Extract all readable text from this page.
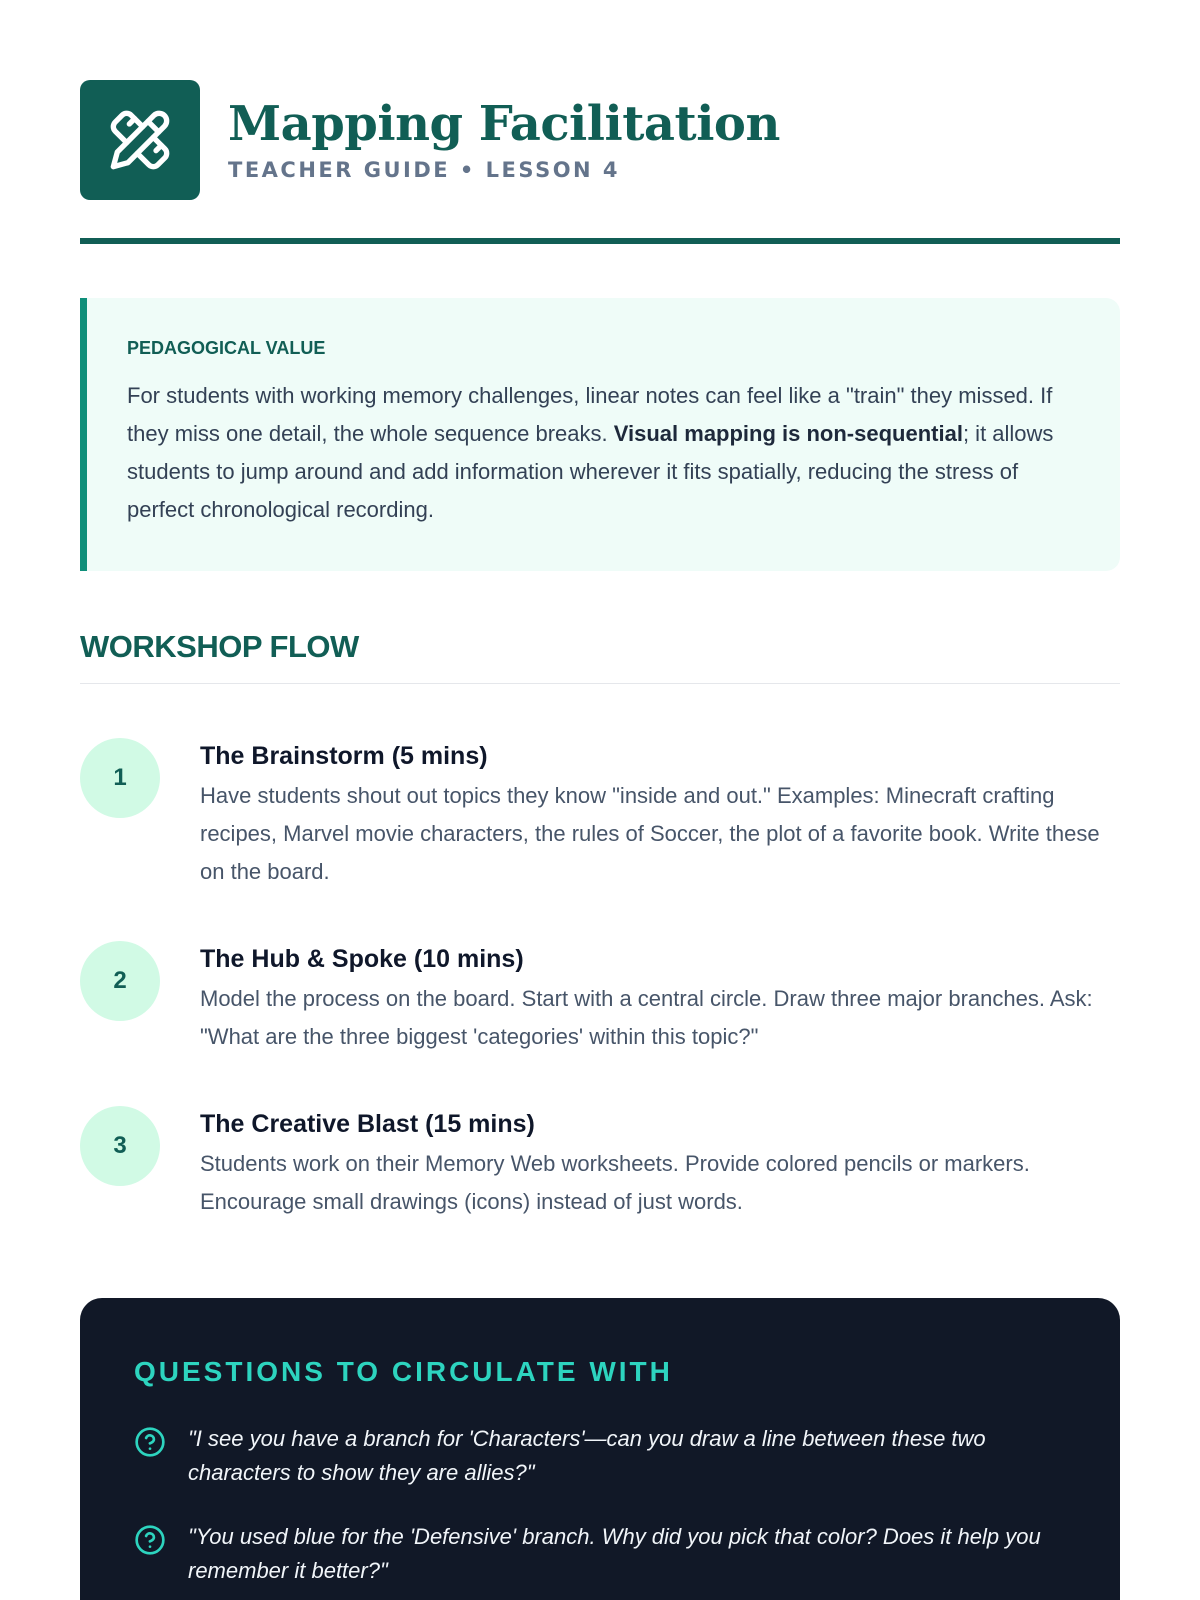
Mapping Facilitation
TEACHER GUIDE • LESSON 4
PEDAGOGICAL VALUE

For students with working memory challenges, linear notes can feel like a "train" they missed. If they miss one detail, the whole sequence breaks. Visual mapping is non-sequential; it allows students to jump around and add information wherever it fits spatially, reducing the stress of perfect chronological recording.

WORKSHOP FLOW
1
The Brainstorm (5 mins)
Have students shout out topics they know "inside and out." Examples: Minecraft crafting recipes, Marvel movie characters, the rules of Soccer, the plot of a favorite book. Write these on the board.
2
The Hub & Spoke (10 mins)
Model the process on the board. Start with a central circle. Draw three major branches. Ask: "What are the three biggest 'categories' within this topic?"
3
The Creative Blast (15 mins)
Students work on their Memory Web worksheets. Provide colored pencils or markers. Encourage small drawings (icons) instead of just words.
QUESTIONS TO CIRCULATE WITH
"I see you have a branch for 'Characters'—can you draw a line between these two characters to show they are allies?"
"You used blue for the 'Defensive' branch. Why did you pick that color? Does it help you remember it better?"
